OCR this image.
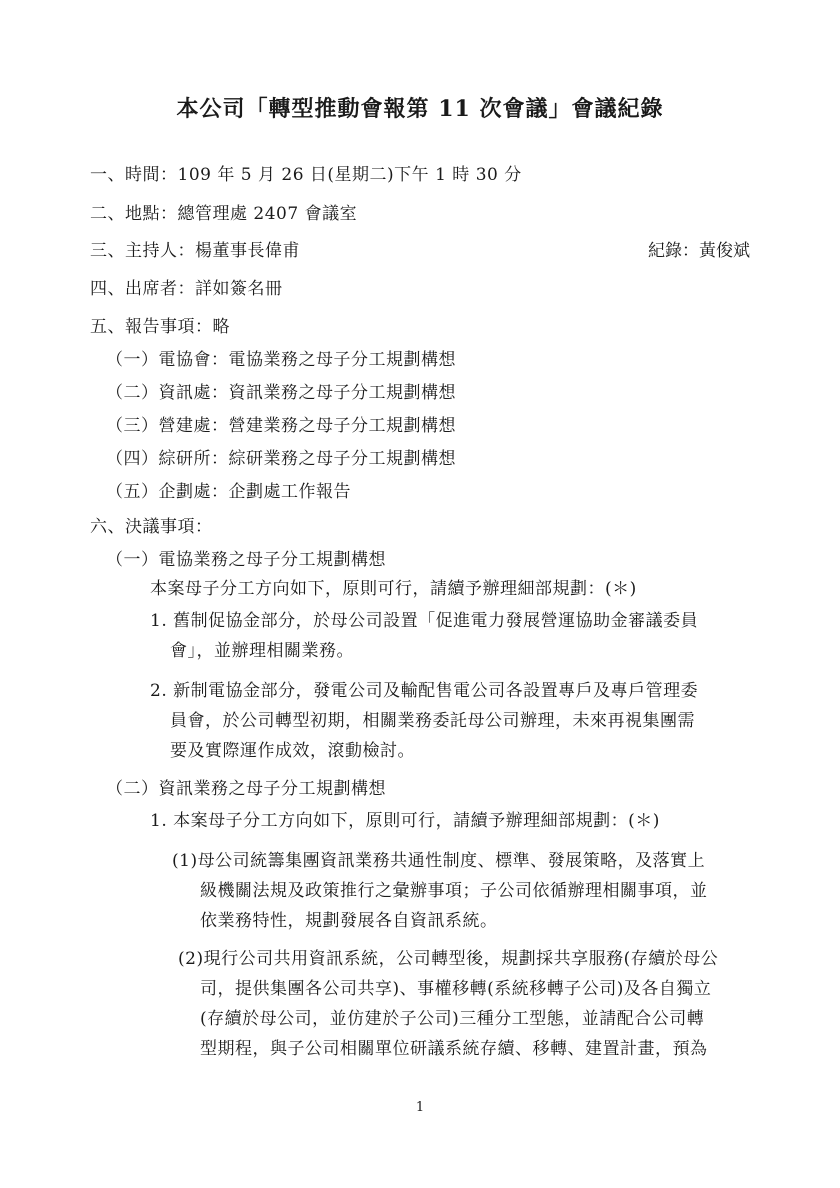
本公司「轉型推動會報第 11 次會議」會議紀錄
一、時間：109 年 5 月 26 日(星期二)下午 1 時 30 分
二、地點：總管理處 2407 會議室
三、主持人：楊董事長偉甫	紀錄：黃俊斌
四、出席者：詳如簽名冊
五、報告事項：略
（一）電協會：電協業務之母子分工規劃構想
（二）資訊處：資訊業務之母子分工規劃構想
（三）營建處：營建業務之母子分工規劃構想
（四）綜研所：綜研業務之母子分工規劃構想
（五）企劃處：企劃處工作報告
六、決議事項：
（一）電協業務之母子分工規劃構想
本案母子分工方向如下，原則可行，請續予辦理細部規劃：(＊)
1. 舊制促協金部分，於母公司設置「促進電力發展營運協助金審議委員
會」，並辦理相關業務。
2. 新制電協金部分，發電公司及輸配售電公司各設置專戶及專戶管理委
員會，於公司轉型初期，相關業務委託母公司辦理，未來再視集團需
要及實際運作成效，滾動檢討。
（二）資訊業務之母子分工規劃構想
1. 本案母子分工方向如下，原則可行，請續予辦理細部規劃：(＊)
(1)母公司統籌集團資訊業務共通性制度、標準、發展策略，及落實上
級機關法規及政策推行之彙辦事項；子公司依循辦理相關事項，並
依業務特性，規劃發展各自資訊系統。
(2)現行公司共用資訊系統，公司轉型後，規劃採共享服務(存續於母公
司，提供集團各公司共享)、事權移轉(系統移轉子公司)及各自獨立
(存續於母公司，並仿建於子公司)三種分工型態，並請配合公司轉
型期程，與子公司相關單位研議系統存續、移轉、建置計畫，預為
1
